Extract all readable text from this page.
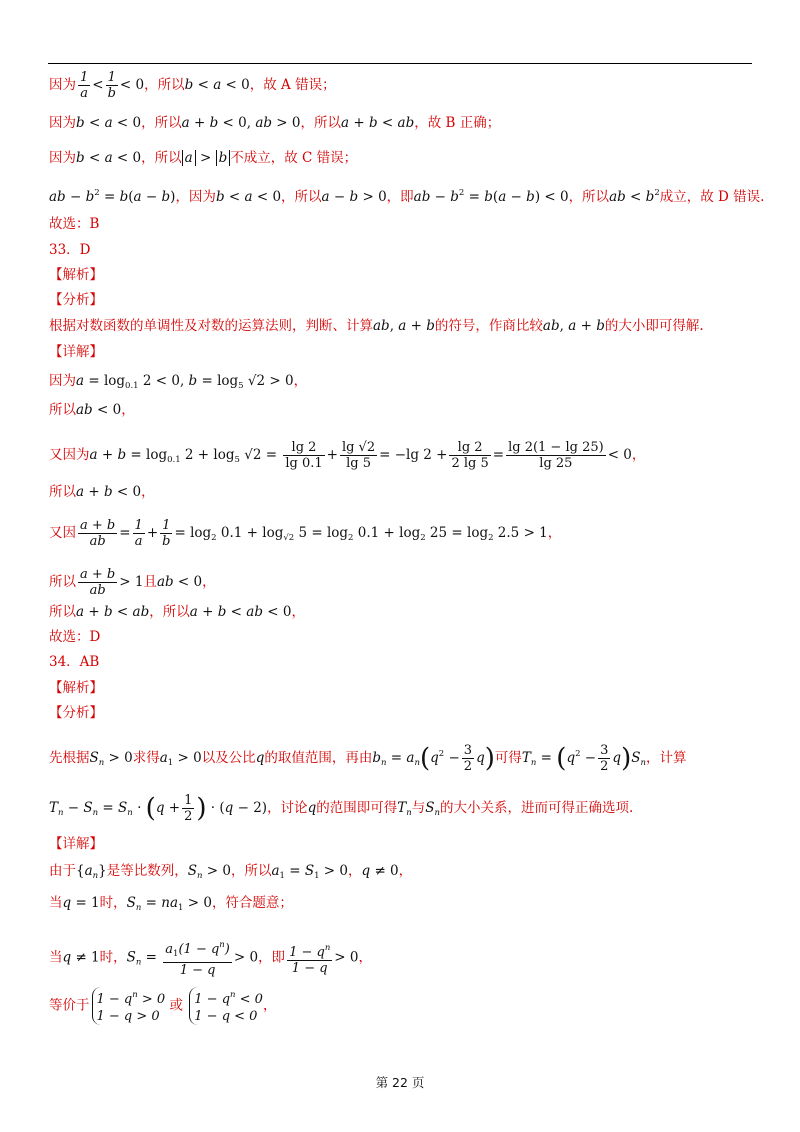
因为 $\frac{1}{a} < \frac{1}{b} < 0$，所以b < a < 0，故 A 错误；
因为b < a < 0，所以a + b < 0, ab > 0，所以a + b < ab，故 B 正确；
因为b < a < 0，所以 a > b 不成立，故 C 错误；
ab − $b^2 = b(a - b)$，因为b < a < 0，所以a − b > 0，即ab − $b^2 = b(a - b) < 0$，所以ab < $b^2$成立，故 D 错误.
故选：B
33．D
【解析】
【分析】
根据对数函数的单调性及对数的运算法则，判断、计算ab, a + b的符号，作商比较ab, a + b的大小即可得解.
【详解】
因为$a = \log_{0.1} 2 < 0$, $b = \log_5 √2 > 0$，
所以ab < 0，
又因为$a + b = \log_{0.1} 2 + \log_5 √2 = \frac{\lg 2}{\lg 0.1} + \frac{\lg √2}{\lg 5} = -\lg$ $2 + \frac{\lg 2}{2 \lg 5} = \frac{\lg 2(1 - \lg 25)}{\lg 25} < 0$，
所以a + b < 0，
又因 $\frac{a + b}{ab} = \frac{1}{a} + \frac{1}{b} = \log_2 0.1 + \log_{√2} 5 = \log_2 0.1 + \log_2 25 = \log_2 2.5 > 1$，
所以 $\frac{a + b}{ab} > 1$且ab < 0，
所以a + b < ab，所以a + b < ab < 0，
故选：D
34．AB
【解析】
【分析】
先根据$S_n > 0$求得$a_1 > 0$以及公比q的取值范围，再由$b_n = a_n(q^2 - \frac{3}{2} q)$可得$T_n = (q^2 - \frac{3}{2} q)S_n$，计算
$T_n - S_n = S_n \cdot (q + \frac{1}{2}$ ) · (q − 2)，讨论q的范围即可得$T_n$与$S_n$的大小关系，进而可得正确选项.
【详解】
由于$\{a_n\}$是等比数列，$S_n > 0$，所以$a_1 = S_1 > 0$，q ≠ 0，
当q = 1时，$S_n = na_1 > 0$，符合题意；
当q ≠ 1时，$S_n = \frac{a_1(1 - q^n)}{1 - q} > 0$，即 $\frac{1 - q^n}{1 - q} > 0$，
等价于 $1 - q^n > 0$
1 − q > 0
或 $1 - q^n < 0$
1 − q < 0
，
第 22 页
